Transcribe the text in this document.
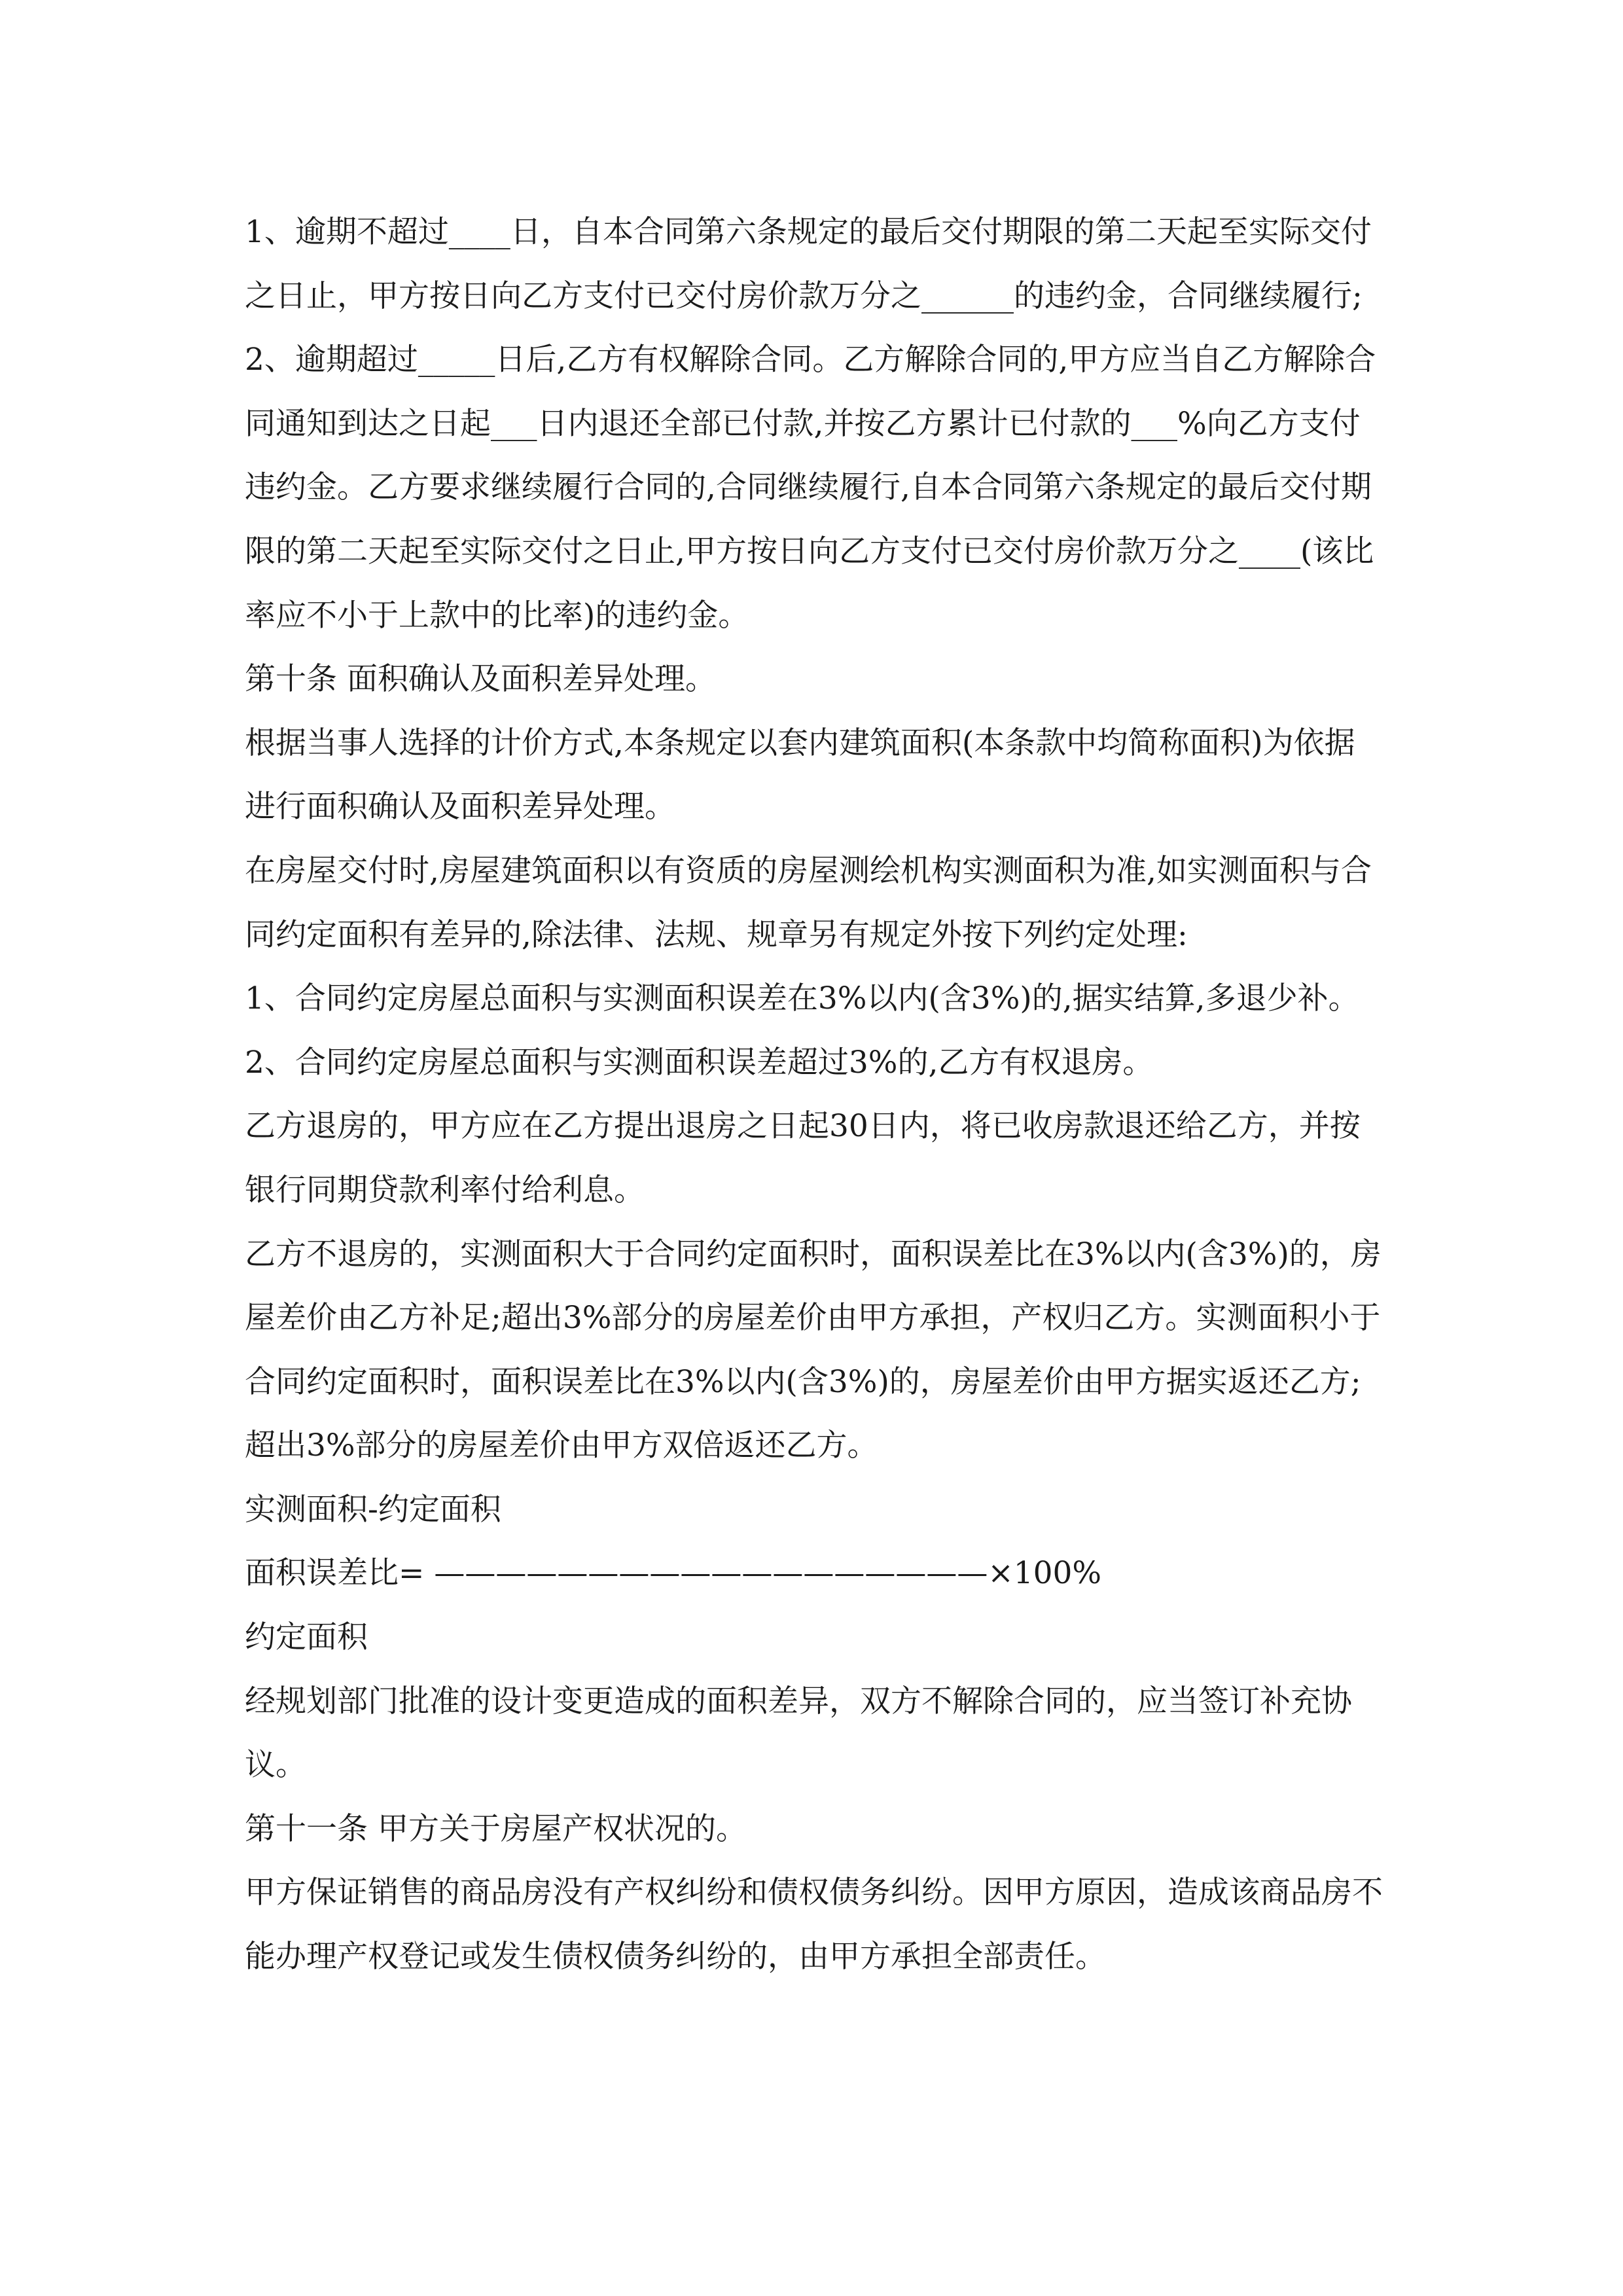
1、逾期不超过____日，自本合同第六条规定的最后交付期限的第二天起至实际交付之日止，甲方按日向乙方支付已交付房价款万分之______的违约金，合同继续履行;

2、逾期超过_____日后,乙方有权解除合同。乙方解除合同的,甲方应当自乙方解除合同通知到达之日起___日内退还全部已付款,并按乙方累计已付款的___%向乙方支付违约金。乙方要求继续履行合同的,合同继续履行,自本合同第六条规定的最后交付期限的第二天起至实际交付之日止,甲方按日向乙方支付已交付房价款万分之____(该比率应不小于上款中的比率)的违约金。

第十条 面积确认及面积差异处理。

根据当事人选择的计价方式,本条规定以套内建筑面积(本条款中均简称面积)为依据进行面积确认及面积差异处理。

在房屋交付时,房屋建筑面积以有资质的房屋测绘机构实测面积为准,如实测面积与合同约定面积有差异的,除法律、法规、规章另有规定外按下列约定处理:

1、合同约定房屋总面积与实测面积误差在3%以内(含3%)的,据实结算,多退少补。

2、合同约定房屋总面积与实测面积误差超过3%的,乙方有权退房。

乙方退房的，甲方应在乙方提出退房之日起30日内，将已收房款退还给乙方，并按银行同期贷款利率付给利息。

乙方不退房的，实测面积大于合同约定面积时，面积误差比在3%以内(含3%)的，房屋差价由乙方补足;超出3%部分的房屋差价由甲方承担，产权归乙方。实测面积小于合同约定面积时，面积误差比在3%以内(含3%)的，房屋差价由甲方据实返还乙方;超出3%部分的房屋差价由甲方双倍返还乙方。

实测面积-约定面积

面积误差比= ——————————————————×100%

约定面积

经规划部门批准的设计变更造成的面积差异，双方不解除合同的，应当签订补充协议。

第十一条 甲方关于房屋产权状况的。

甲方保证销售的商品房没有产权纠纷和债权债务纠纷。因甲方原因，造成该商品房不能办理产权登记或发生债权债务纠纷的，由甲方承担全部责任。
